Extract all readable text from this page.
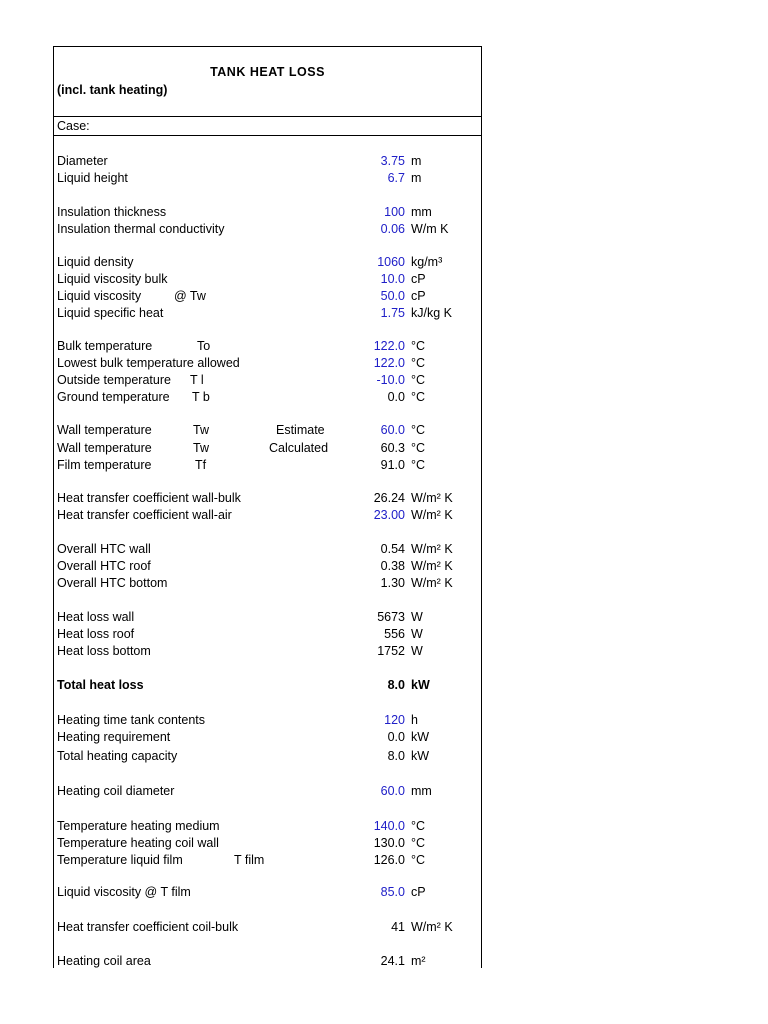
TANK HEAT LOSS
(incl. tank heating)
Case:
Diameter	3.75 m
Liquid height	6.7 m
Insulation thickness	100 mm
Insulation thermal conductivity	0.06 W/m K
Liquid density	1060 kg/m³
Liquid viscosity bulk	10.0 cP
Liquid viscosity	@ Tw	50.0 cP
Liquid specific heat	1.75 kJ/kg K
Bulk temperature	To	122.0 °C
Lowest bulk temperature allowed	122.0 °C
Outside temperature T l	-10.0 °C
Ground temperature T b	0.0 °C
Wall temperature	Tw	Estimate	60.0 °C
Wall temperature	Tw	Calculated	60.3 °C
Film temperature	Tf	91.0 °C
Heat transfer coefficient wall-bulk	26.24 W/m² K
Heat transfer coefficient wall-air	23.00 W/m² K
Overall HTC wall	0.54 W/m² K
Overall HTC roof	0.38 W/m² K
Overall HTC bottom	1.30 W/m² K
Heat loss wall	5673 W
Heat loss roof	556 W
Heat loss bottom	1752 W
Total heat loss	8.0 kW
Heating time tank contents	120 h
Heating requirement	0.0 kW
Total heating capacity	8.0 kW
Heating coil diameter	60.0 mm
Temperature heating medium	140.0 °C
Temperature heating coil wall	130.0 °C
Temperature liquid film	T film	126.0 °C
Liquid viscosity @ T film	85.0 cP
Heat transfer coefficient coil-bulk	41 W/m² K
Heating coil area	24.1 m²
